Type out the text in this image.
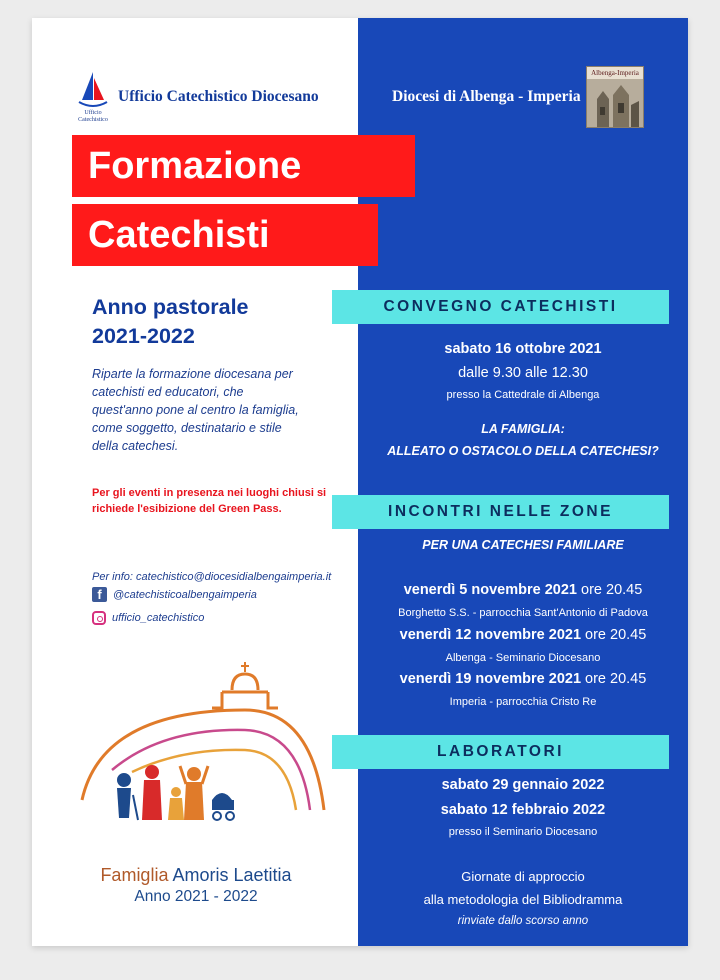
Ufficio
Catechistico
Ufficio Catechistico Diocesano	Diocesi di Albenga - Imperia
Albenga-Imperia
Formazione
Catechisti
Anno pastorale
2021-2022
Riparte la formazione diocesana per
catechisti ed educatori, che
quest'anno pone al centro la famiglia,
come soggetto, destinatario e stile
della catechesi.
Per gli eventi in presenza nei luoghi chiusi si
richiede l'esibizione del Green Pass.
Per info: catechistico@diocesidialbengaimperia.it
f	@catechisticoalbengaimperia
ufficio_catechistico
Famiglia Amoris Laetitia
Anno 2021 - 2022
CONVEGNO CATECHISTI
sabato 16 ottobre 2021
dalle 9.30 alle 12.30
presso la Cattedrale di Albenga
LA FAMIGLIA:
ALLEATO O OSTACOLO DELLA CATECHESI?
INCONTRI NELLE ZONE
PER UNA CATECHESI FAMILIARE
venerdì 5 novembre 2021 ore 20.45
Borghetto S.S. - parrocchia Sant'Antonio di Padova
venerdì 12 novembre 2021 ore 20.45
Albenga - Seminario Diocesano
venerdì 19 novembre 2021 ore 20.45
Imperia - parrocchia Cristo Re
LABORATORI
sabato 29 gennaio 2022
sabato 12 febbraio 2022
presso il Seminario Diocesano
Giornate di approccio
alla metodologia del Bibliodramma
rinviate dallo scorso anno
